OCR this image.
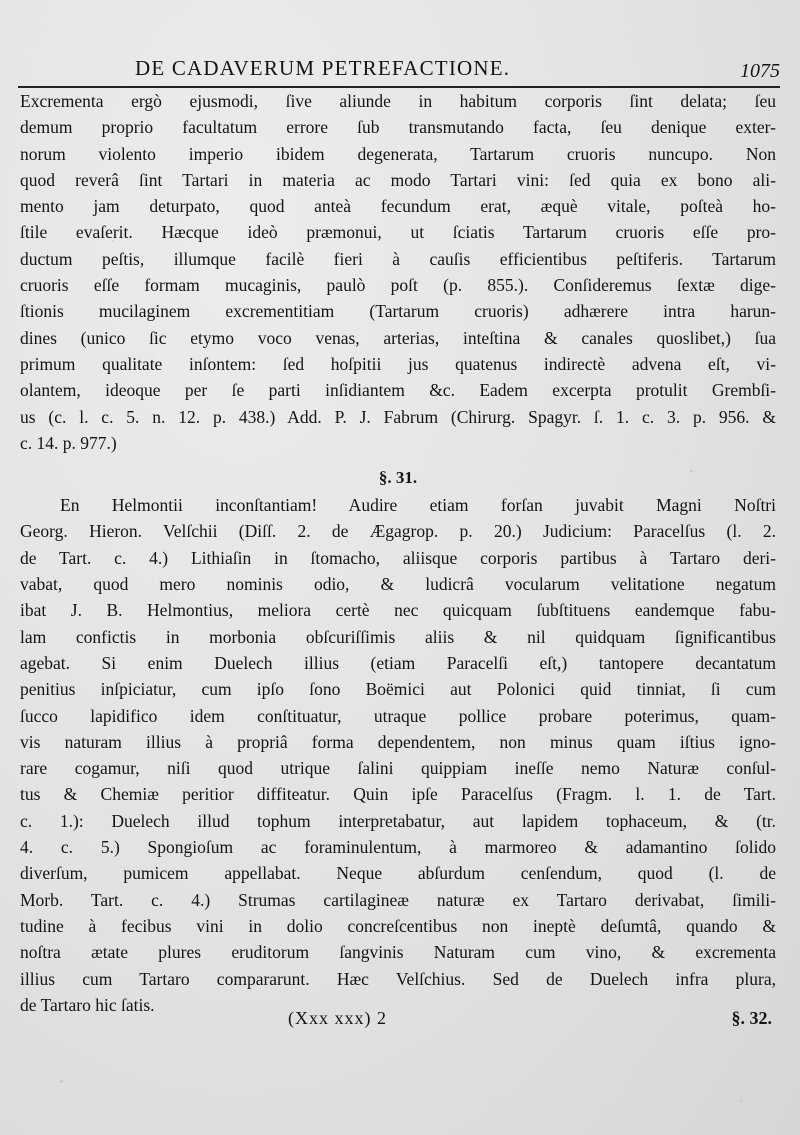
DE CADAVERUM PETREFACTIONE.	1075
Excrementa ergò ejusmodi, ſive aliunde in habitum corporis ſint delata; ſeu
demum proprio facultatum errore ſub transmutando facta, ſeu denique exter-
norum violento imperio ibidem degenerata, Tartarum cruoris nuncupo. Non
quod reverâ ſint Tartari in materia ac modo Tartari vini: ſed quia ex bono ali-
mento jam deturpato, quod anteà fecundum erat, æquè vitale, poſteà ho-
ſtile evaſerit. Hæcque ideò præmonui, ut ſciatis Tartarum cruoris eſſe pro-
ductum peſtis, illumque facilè fieri à cauſis efficientibus peſtiferis. Tartarum
cruoris eſſe formam mucaginis, paulò poſt (p. 855.). Conſideremus ſextæ dige-
ſtionis mucilaginem excrementitiam (Tartarum cruoris) adhærere intra harun-
dines (unico ſic etymo voco venas, arterias, inteſtina & canales quoslibet,) ſua
primum qualitate inſontem: ſed hoſpitii jus quatenus indirectè advena eſt, vi-
olantem, ideoque per ſe parti inſidiantem &c. Eadem excerpta protulit Grembſi-
us (c. l. c. 5. n. 12. p. 438.) Add. P. J. Fabrum (Chirurg. Spagyr. ſ. 1. c. 3. p. 956. &
c. 14. p. 977.)
§. 31.
En Helmontii inconſtantiam! Audire etiam forſan juvabit Magni Noſtri
Georg. Hieron. Velſchii (Diſſ. 2. de Ægagrop. p. 20.) Judicium: Paracelſus (l. 2.
de Tart. c. 4.) Lithiaſin in ſtomacho, aliisque corporis partibus à Tartaro deri-
vabat, quod mero nominis odio, & ludicrâ vocularum velitatione negatum
ibat J. B. Helmontius, meliora certè nec quicquam ſubſtituens eandemque fabu-
lam confictis in morbonia obſcuriſſimis aliis & nil quidquam ſignificantibus
agebat. Si enim Duelech illius (etiam Paracelſi eſt,) tantopere decantatum
penitius inſpiciatur, cum ipſo ſono Boëmici aut Polonici quid tinniat, ſi cum
ſucco lapidifico idem conſtituatur, utraque pollice probare poterimus, quam-
vis naturam illius à propriâ forma dependentem, non minus quam iſtius igno-
rare cogamur, niſi quod utrique ſalini quippiam ineſſe nemo Naturæ conſul-
tus & Chemiæ peritior diffiteatur. Quin ipſe Paracelſus (Fragm. l. 1. de Tart.
c. 1.): Duelech illud tophum interpretabatur, aut lapidem tophaceum, & (tr.
4. c. 5.) Spongioſum ac foraminulentum, à marmoreo & adamantino ſolido
diverſum, pumicem appellabat. Neque abſurdum cenſendum, quod (l. de
Morb. Tart. c. 4.) Strumas cartilagineæ naturæ ex Tartaro derivabat, ſimili-
tudine à fecibus vini in dolio concreſcentibus non ineptè deſumtâ, quando &
noſtra ætate plures eruditorum ſangvinis Naturam cum vino, & excrementa
illius cum Tartaro compararunt. Hæc Velſchius. Sed de Duelech infra plura,
de Tartaro hic ſatis.
(Xxx xxx) 2	§. 32.
